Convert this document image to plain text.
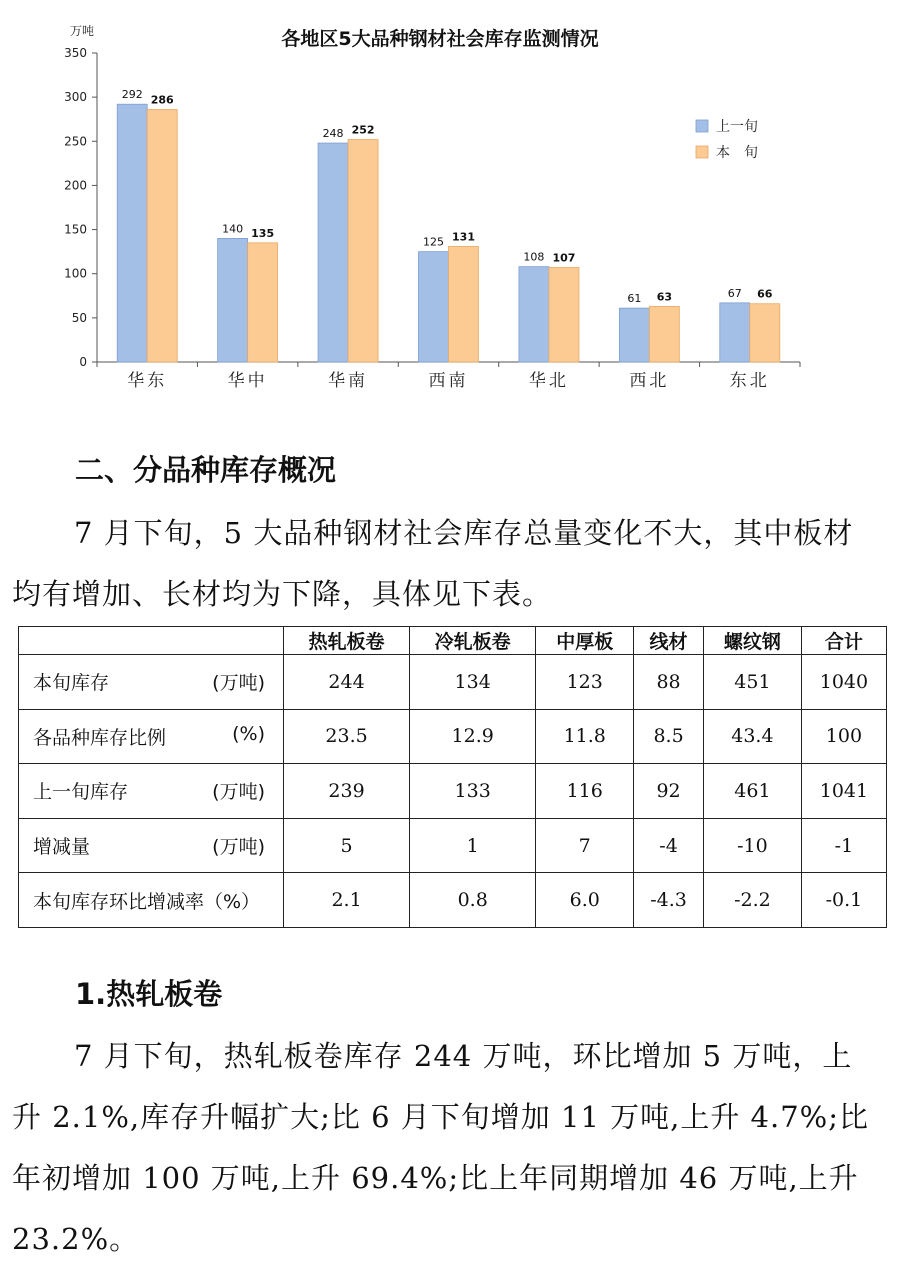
各地区5大品种钢材社会库存监测情况
万吨
0
50
100
150
200
250
300
350
华东	华中	华南	西南	华北	西北	东北
292 286
140 135
248 252
125 131
108 107
61 63	67 66
上一旬
本　旬
二、分品种库存概况

7 月下旬，5 大品种钢材社会库存总量变化不大，其中板材均有增加、长材均为下降，具体见下表。

	热轧板卷	冷轧板卷	中厚板	线材	螺纹钢	合计
本旬库存 (万吨)	244	134	123	88	451	1040
各品种库存比例 (%)	23.5	12.9	11.8	8.5	43.4	100
上一旬库存 (万吨)	239	133	116	92	461	1041
增减量 (万吨)	5	1	7	-4	-10	-1
本旬库存环比增减率（%）	2.1	0.8	6.0	-4.3	-2.2	-0.1
1.热轧板卷

7 月下旬，热轧板卷库存 244 万吨，环比增加 5 万吨，上升 2.1%,库存升幅扩大;比 6 月下旬增加 11 万吨,上升 4.7%;比年初增加 100 万吨,上升 69.4%;比上年同期增加 46 万吨,上升 23.2%。
